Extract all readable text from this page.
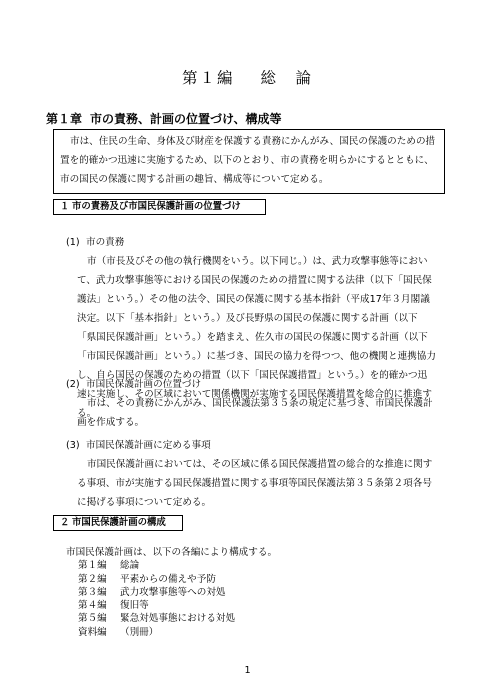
第１編 総　論
第１章 市の責務、計画の位置づけ、構成等

市は、住民の生命、身体及び財産を保護する責務にかんがみ、国民の保護のための措置を的確かつ迅速に実施するため、以下のとおり、市の責務を明らかにするとともに、市の国民の保護に関する計画の趣旨、構成等について定める。

１ 市の責務及び市国民保護計画の位置づけ

(1) 市の責務

市（市長及びその他の執行機関をいう。以下同じ。）は、武力攻撃事態等において、武力攻撃事態等における国民の保護のための措置に関する法律（以下「国民保護法」という。）その他の法令、国民の保護に関する基本指針（平成17年３月閣議決定。以下「基本指針」という。）及び長野県の国民の保護に関する計画（以下「県国民保護計画」という。）を踏まえ、佐久市の国民の保護に関する計画（以下「市国民保護計画」という。）に基づき、国民の協力を得つつ、他の機関と連携協力し、自ら国民の保護のための措置（以下「国民保護措置」という。）を的確かつ迅速に実施し、その区域において関係機関が実施する国民保護措置を総合的に推進する。

(2) 市国民保護計画の位置づけ

市は、その責務にかんがみ、国民保護法第３５条の規定に基づき、市国民保護計画を作成する。

(3) 市国民保護計画に定める事項

市国民保護計画においては、その区域に係る国民保護措置の総合的な推進に関する事項、市が実施する国民保護措置に関する事項等国民保護法第３５条第２項各号に掲げる事項について定める。

２ 市国民保護計画の構成

市国民保護計画は、以下の各編により構成する。

第１編 総論
第２編 平素からの備えや予防
第３編 武力攻撃事態等への対処
第４編 復旧等
第５編 緊急対処事態における対処
資料編 （別冊）
1
